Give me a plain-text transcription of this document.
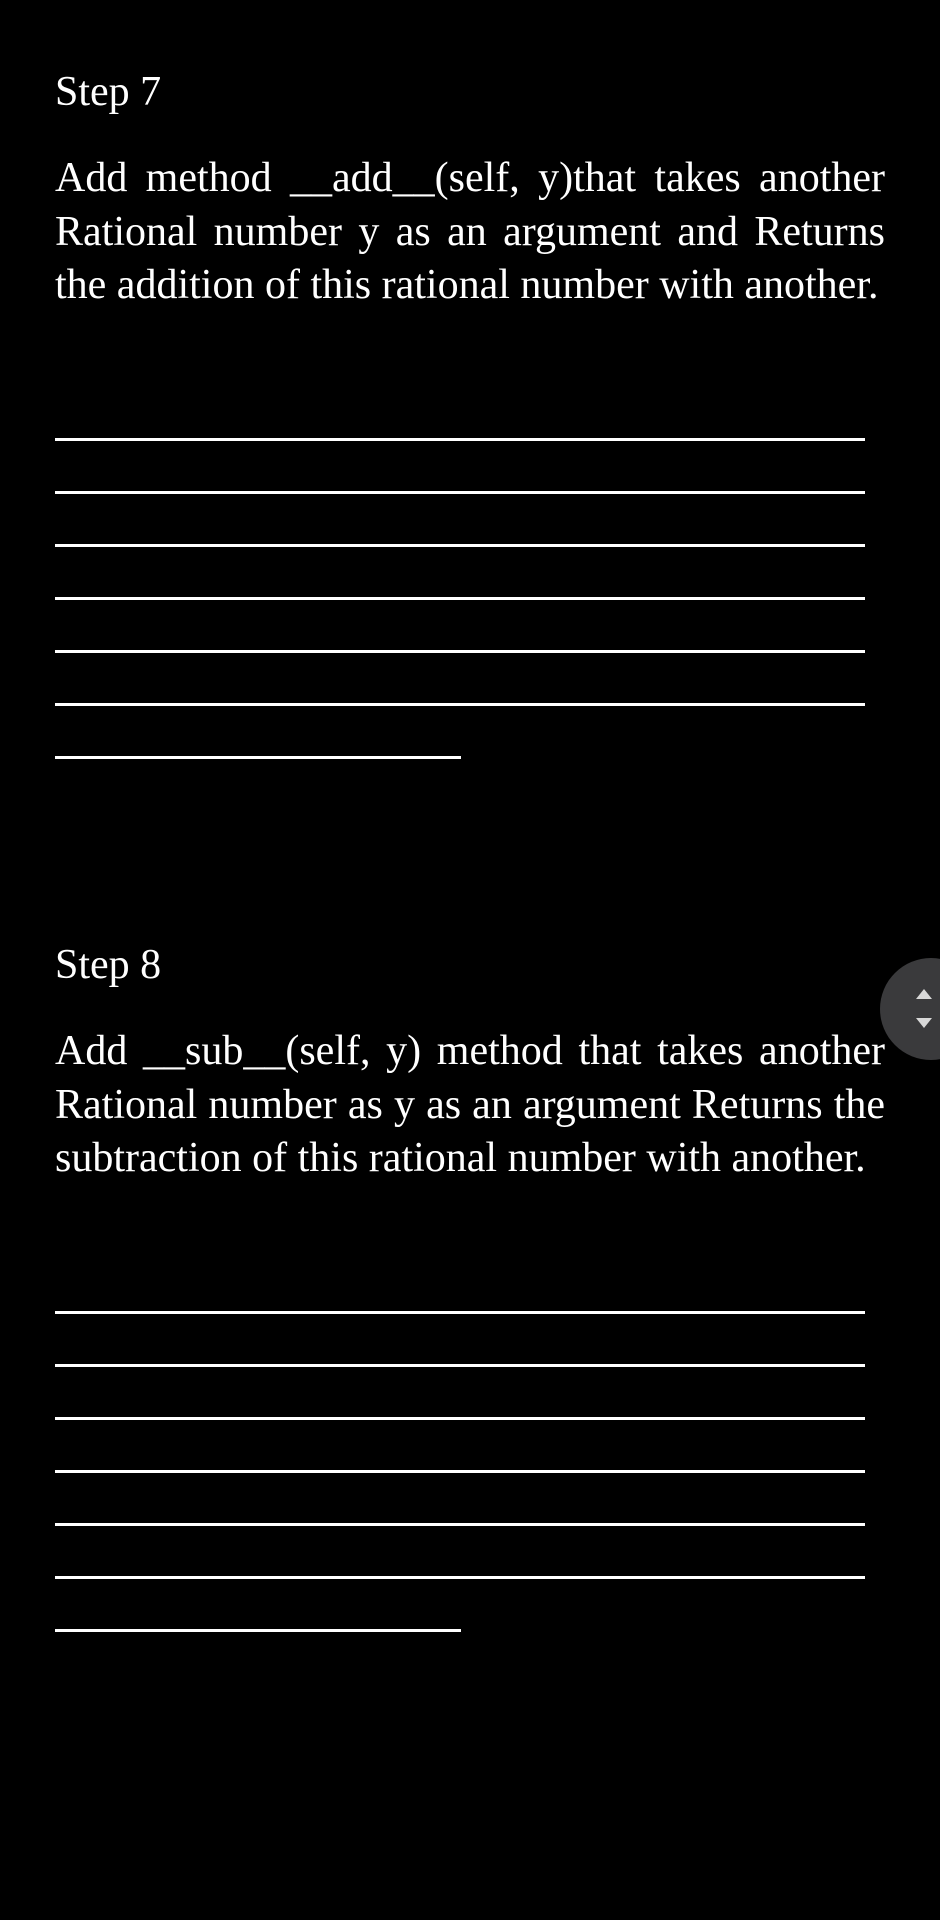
Step 7

Add method __add__(self, y)that takes another Rational number y as an argument and Returns the addition of this rational number with another.

Step 8

Add __sub__(self, y) method that takes another Rational number as y as an argument Returns the subtraction of this rational number with another.
